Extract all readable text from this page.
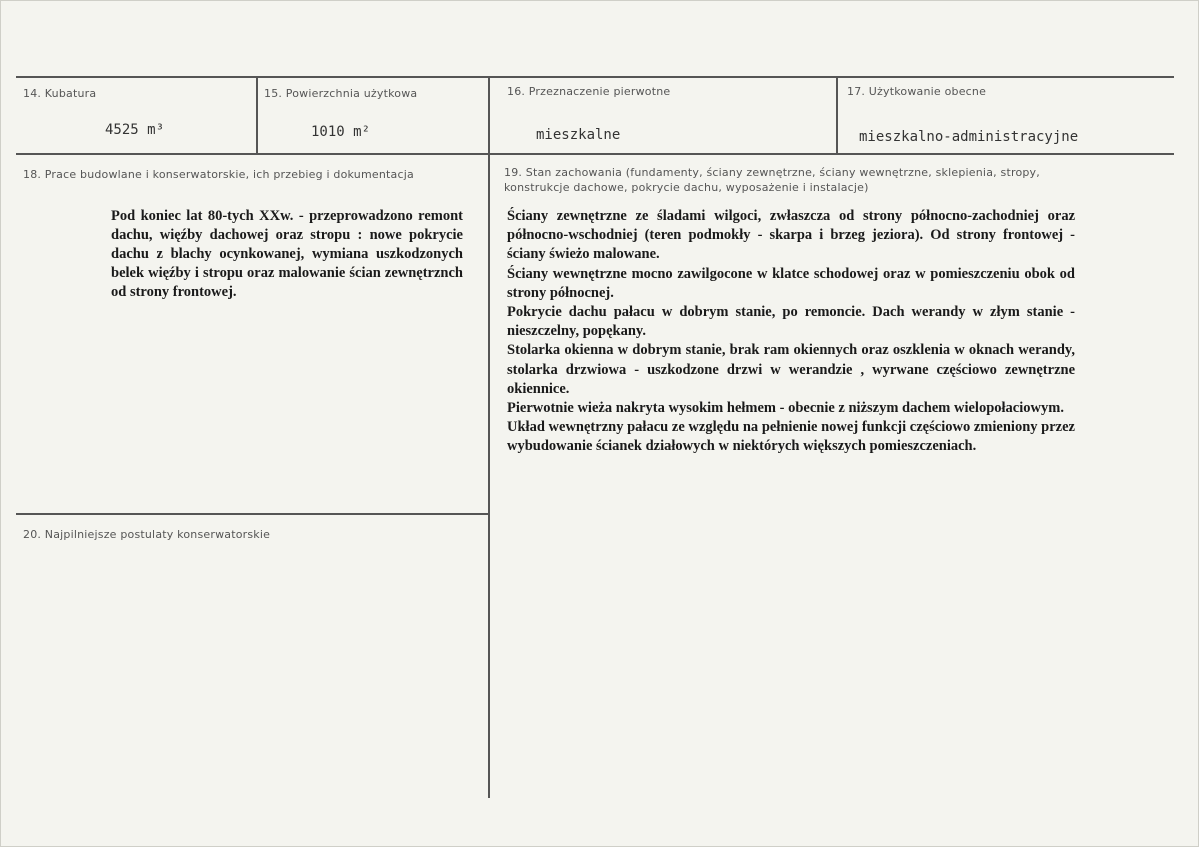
14. Kubatura
4525 m³
15. Powierzchnia użytkowa
1010 m²
16. Przeznaczenie pierwotne
mieszkalne
17. Użytkowanie obecne
mieszkalno-administracyjne
18. Prace budowlane i konserwatorskie, ich przebieg i dokumentacja
Pod koniec lat 80-tych XXw. - przeprowadzono remont dachu, więźby dachowej oraz stropu : nowe pokrycie dachu z blachy ocynkowanej, wymiana uszkodzonych belek więźby i stropu oraz malowanie ścian zewnętrznch od strony frontowej.
19. Stan zachowania (fundamenty, ściany zewnętrzne, ściany wewnętrzne, sklepienia, stropy, konstrukcje dachowe, pokrycie dachu, wyposażenie i instalacje)

Ściany zewnętrzne ze śladami wilgoci, zwłaszcza od strony północno-zachodniej oraz północno-wschodniej (teren podmokły - skarpa i brzeg jeziora). Od strony frontowej - ściany świeżo malowane.

Ściany wewnętrzne mocno zawilgocone w klatce schodowej oraz w pomieszczeniu obok od strony północnej.

Pokrycie dachu pałacu w dobrym stanie, po remoncie. Dach werandy w złym stanie - nieszczelny, popękany.

Stolarka okienna w dobrym stanie, brak ram okiennych oraz oszklenia w oknach werandy, stolarka drzwiowa - uszkodzone drzwi w werandzie , wyrwane częściowo zewnętrzne okiennice.

Pierwotnie wieża nakryta wysokim hełmem - obecnie z niższym dachem wielopołaciowym.

Układ wewnętrzny pałacu ze względu na pełnienie nowej funkcji częściowo zmieniony przez wybudowanie ścianek działowych w niektórych większych pomieszczeniach.

20. Najpilniejsze postulaty konserwatorskie
